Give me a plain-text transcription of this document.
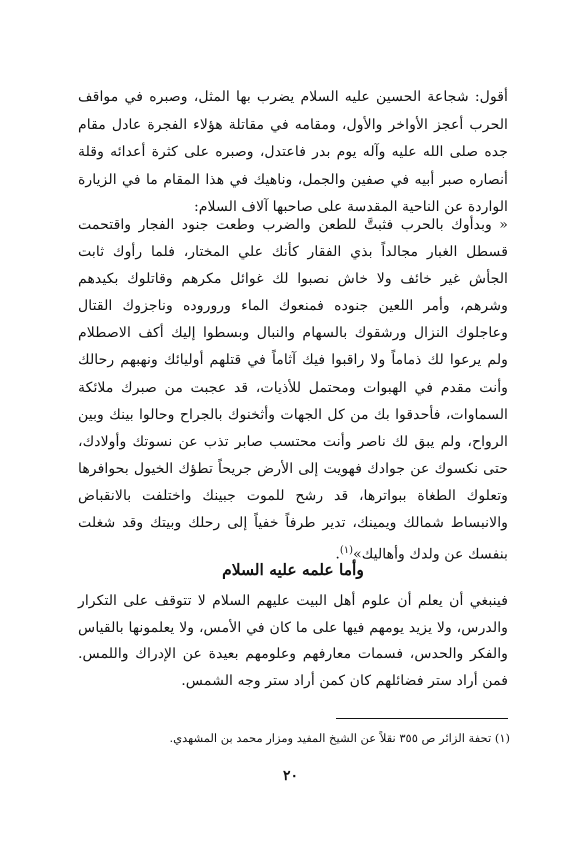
أقول: شجاعة الحسين عليه السلام يضرب بها المثل، وصبره في مواقف الحرب أعجز الأواخر والأول، ومقامه في مقاتلة هؤلاء الفجرة عادل مقام جده صلى الله عليه وآله يوم بدر فاعتدل، وصبره على كثرة أعدائه وقلة أنصاره صبر أبيه في صفين والجمل، وناهيك في هذا المقام ما في الزيارة الواردة عن الناحية المقدسة على صاحبها آلاف السلام:

« وبدأوك بالحرب فثبتَّ للطعن والضرب وطعت جنود الفجار واقتحمت قسطل الغبار مجالداً بذي الفقار كأنك علي المختار، فلما رأوك ثابت الجأش غير خائف ولا خاش نصبوا لك غوائل مكرهم وقاتلوك بكيدهم وشرهم، وأمر اللعين جنوده فمنعوك الماء وروروده وناجزوك القتال وعاجلوك النزال ورشقوك بالسهام والنبال وبسطوا إليك أكف الاصطلام ولم يرعوا لك ذماماً ولا راقبوا فيك آثاماً في قتلهم أوليائك ونهبهم رحالك وأنت مقدم في الهبوات ومحتمل للأذيات، قد عجبت من صبرك ملائكة السماوات، فأحدقوا بك من كل الجهات وأثخنوك بالجراح وحالوا بينك وبين الرواح، ولم يبق لك ناصر وأنت محتسب صابر تذب عن نسوتك وأولادك، حتى نكسوك عن جوادك فهويت إلى الأرض جريحاً تطؤك الخيول بحوافرها وتعلوك الطغاة ببواترها، قد رشح للموت جبينك واختلفت بالانقباض والانبساط شمالك ويمينك، تدير طرفاً خفياً إلى رحلك وبيتك وقد شغلت بنفسك عن ولدك وأهاليك»$^{(١)}$.

وأما علمه عليه السلام

فينبغي أن يعلم أن علوم أهل البيت عليهم السلام لا تتوقف على التكرار والدرس، ولا يزيد يومهم فيها على ما كان في الأمس، ولا يعلمونها بالقياس والفكر والحدس، فسمات معارفهم وعلومهم بعيدة عن الإدراك واللمس. فمن أراد ستر فضائلهم كان كمن أراد ستر وجه الشمس.

(١) تحفة الزائر ص ٣٥٥ نقلاً عن الشيخ المفيد ومزار محمد بن المشهدي.
٢٠
